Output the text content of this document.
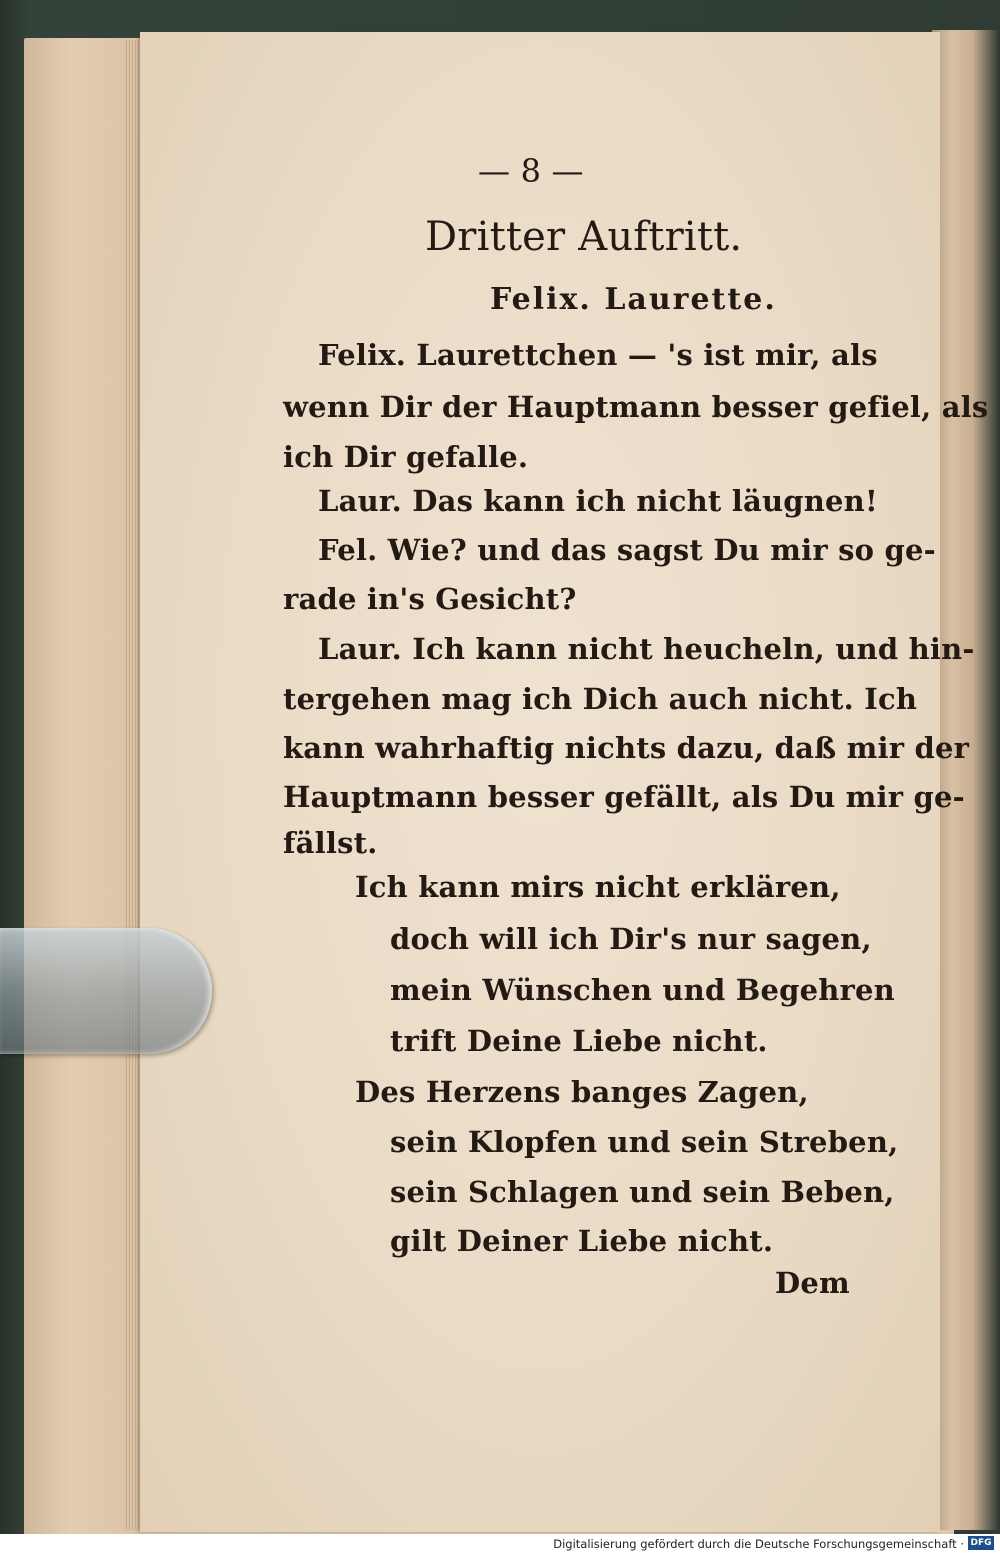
— 8 —
Dritter Auftritt.
Felix. Laurette.
Felix. Laurettchen — 's ist mir, als
wenn Dir der Hauptmann besser gefiel, als
ich Dir gefalle.
Laur. Das kann ich nicht läugnen!
Fel. Wie? und das sagst Du mir so ge-
rade in's Gesicht?
Laur. Ich kann nicht heucheln, und hin-
tergehen mag ich Dich auch nicht. Ich
kann wahrhaftig nichts dazu, daß mir der
Hauptmann besser gefällt, als Du mir ge-
fällst.
Ich kann mirs nicht erklären,
doch will ich Dir's nur sagen,
mein Wünschen und Begehren
trift Deine Liebe nicht.
Des Herzens banges Zagen,
sein Klopfen und sein Streben,
sein Schlagen und sein Beben,
gilt Deiner Liebe nicht.
Dem
Digitalisierung gefördert durch die Deutsche Forschungsgemeinschaft · DFG
